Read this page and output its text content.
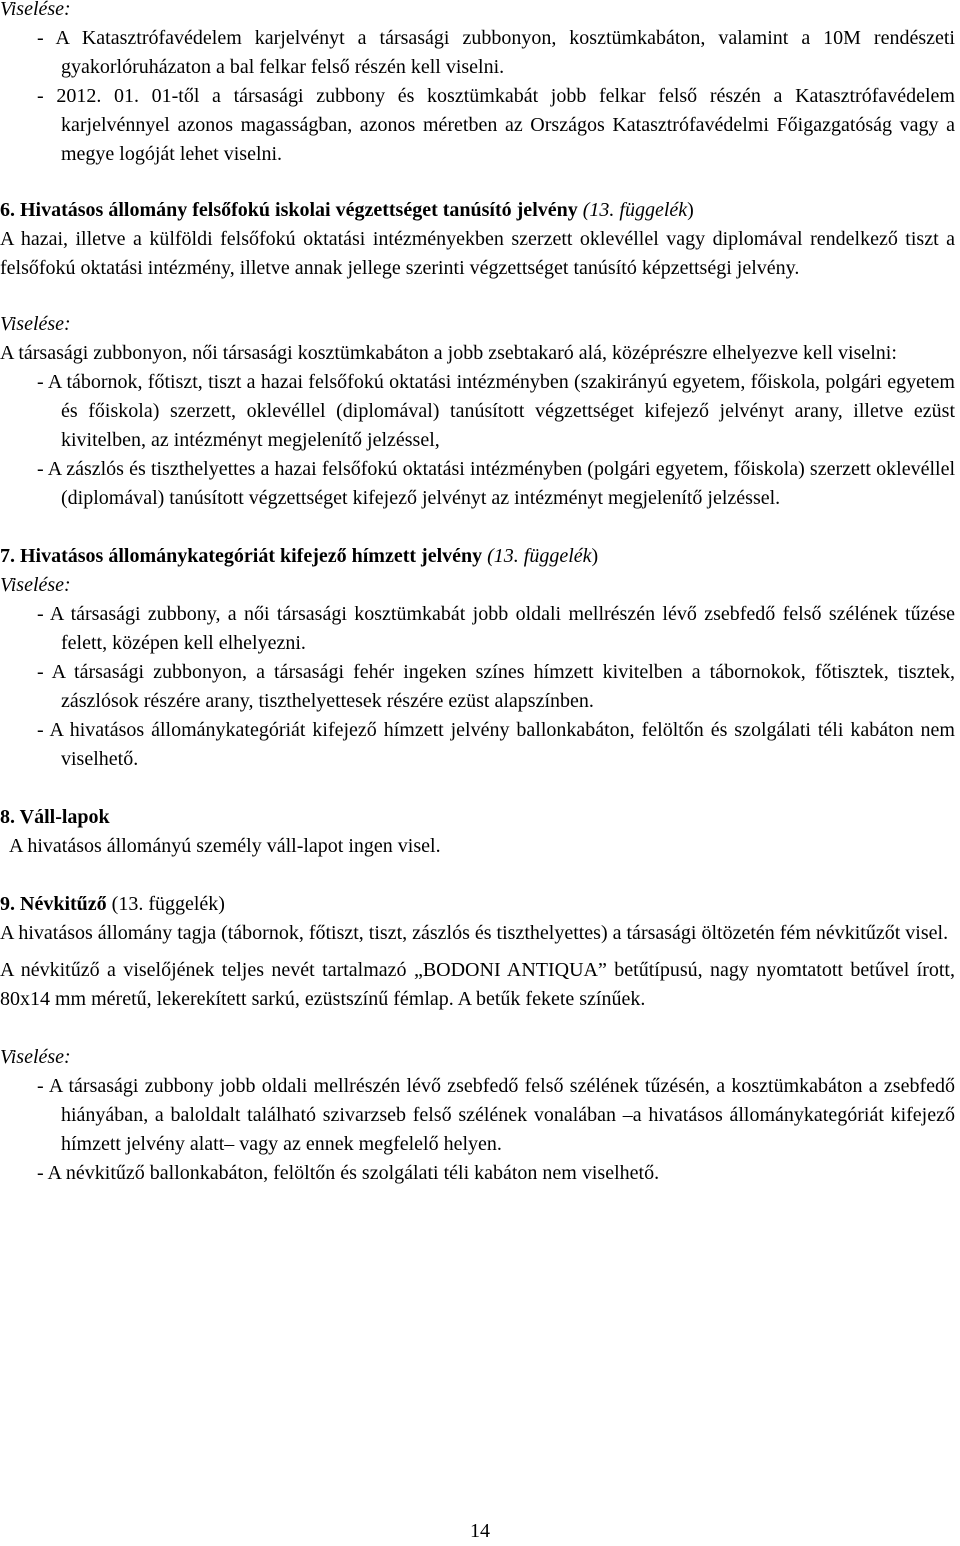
Viselése:

- A Katasztrófavédelem karjelvényt a társasági zubbonyon, kosztümkabáton, valamint a 10M rendészeti gyakorlóruházaton a bal felkar felső részén kell viselni.

- 2012. 01. 01-től a társasági zubbony és kosztümkabát jobb felkar felső részén a Katasztrófavédelem karjelvénnyel azonos magasságban, azonos méretben az Országos Katasztrófavédelmi Főigazgatóság vagy a megye logóját lehet viselni.

6. Hivatásos állomány felsőfokú iskolai végzettséget tanúsító jelvény (13. függelék)

A hazai, illetve a külföldi felsőfokú oktatási intézményekben szerzett oklevéllel vagy diplomával rendelkező tiszt a felsőfokú oktatási intézmény, illetve annak jellege szerinti végzettséget tanúsító képzettségi jelvény.

Viselése:

A társasági zubbonyon, női társasági kosztümkabáton a jobb zsebtakaró alá, középrészre elhelyezve kell viselni:

- A tábornok, főtiszt, tiszt a hazai felsőfokú oktatási intézményben (szakirányú egyetem, főiskola, polgári egyetem és főiskola) szerzett, oklevéllel (diplomával) tanúsított végzettséget kifejező jelvényt arany, illetve ezüst kivitelben, az intézményt megjelenítő jelzéssel,

- A zászlós és tiszthelyettes a hazai felsőfokú oktatási intézményben (polgári egyetem, főiskola) szerzett oklevéllel (diplomával) tanúsított végzettséget kifejező jelvényt az intézményt megjelenítő jelzéssel.

7. Hivatásos állománykategóriát kifejező hímzett jelvény (13. függelék)

Viselése:

- A társasági zubbony, a női társasági kosztümkabát jobb oldali mellrészén lévő zsebfedő felső szélének tűzése felett, középen kell elhelyezni.

- A társasági zubbonyon, a társasági fehér ingeken színes hímzett kivitelben a tábornokok, főtisztek, tisztek, zászlósok részére arany, tiszthelyettesek részére ezüst alapszínben.

- A hivatásos állománykategóriát kifejező hímzett jelvény ballonkabáton, felöltőn és szolgálati téli kabáton nem viselhető.

8. Váll-lapok

A hivatásos állományú személy váll-lapot ingen visel.

9. Névkitűző (13. függelék)

A hivatásos állomány tagja (tábornok, főtiszt, tiszt, zászlós és tiszthelyettes) a társasági öltözetén fém névkitűzőt visel.

A névkitűző a viselőjének teljes nevét tartalmazó „BODONI ANTIQUA” betűtípusú, nagy nyomtatott betűvel írott, 80x14 mm méretű, lekerekített sarkú, ezüstszínű fémlap. A betűk fekete színűek.

Viselése:

- A társasági zubbony jobb oldali mellrészén lévő zsebfedő felső szélének tűzésén, a kosztümkabáton a zsebfedő hiányában, a baloldalt található szivarzseb felső szélének vonalában –a hivatásos állománykategóriát kifejező hímzett jelvény alatt– vagy az ennek megfelelő helyen.

- A névkitűző ballonkabáton, felöltőn és szolgálati téli kabáton nem viselhető.

14
